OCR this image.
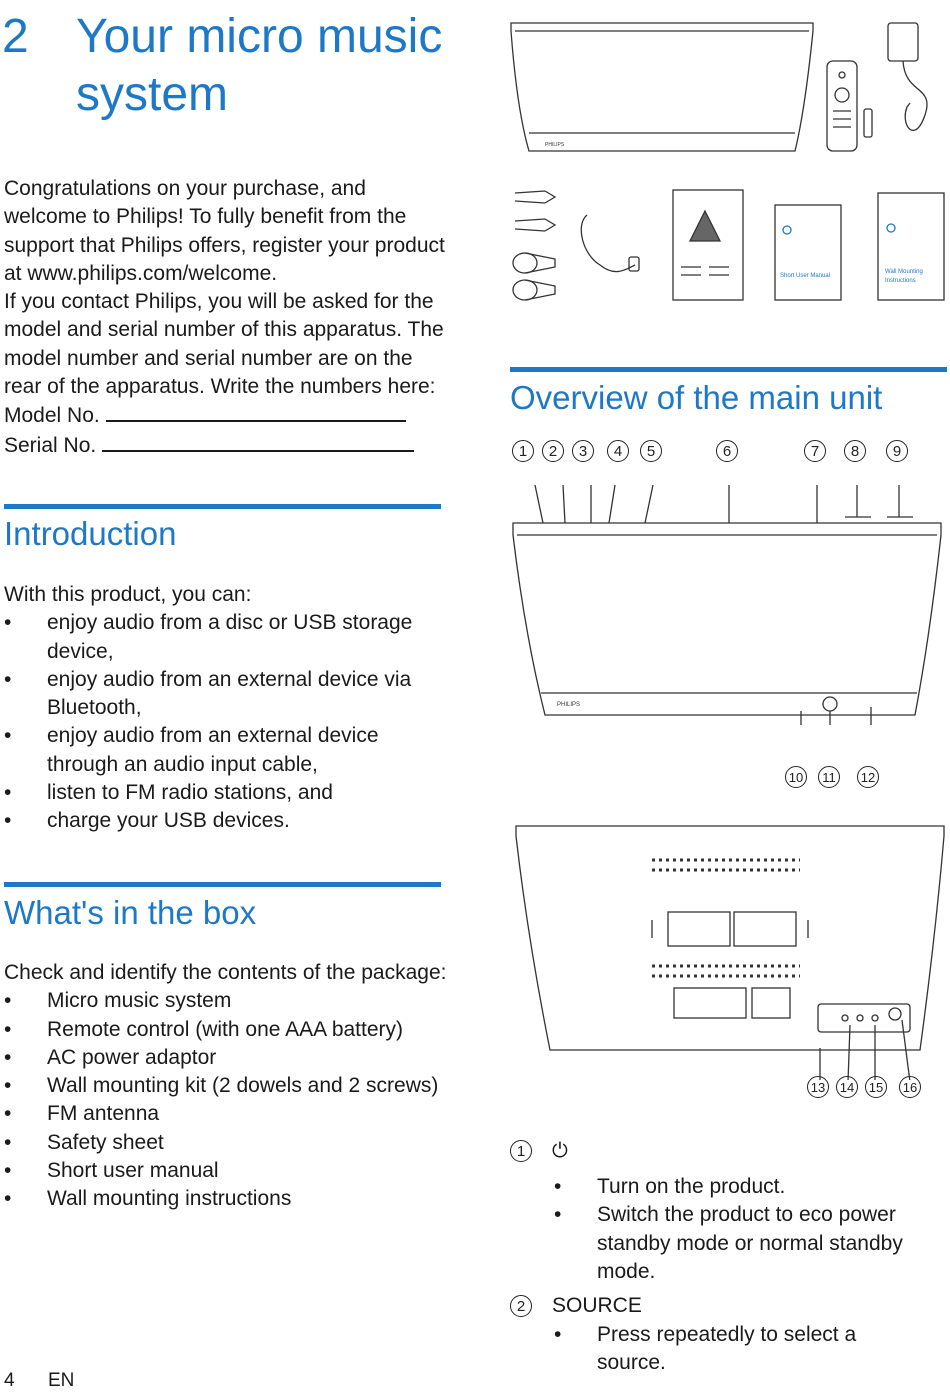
2 Your micro music system
Congratulations on your purchase, and welcome to Philips! To fully benefit from the support that Philips offers, register your product at www.philips.com/welcome.
If you contact Philips, you will be asked for the model and serial number of this apparatus. The model number and serial number are on the rear of the apparatus. Write the numbers here:
Model No.
Serial No.
Introduction
With this product, you can:
• enjoy audio from a disc or USB storage device,
• enjoy audio from an external device via Bluetooth,
• enjoy audio from an external device through an audio input cable,
• listen to FM radio stations, and
• charge your USB devices.
What's in the box
Check and identify the contents of the package:
• Micro music system
• Remote control (with one AAA battery)
• AC power adaptor
• Wall mounting kit (2 dowels and 2 screws)
• FM antenna
• Safety sheet
• Short user manual
• Wall mounting instructions
4 EN
PHILIPS
Short User Manual
Wall Mounting
Instructions
Overview of the main unit
1	2	3	4	5	6	7	8	9
PHILIPS
10	11	12
13 14 15 16
1	⏻
• Turn on the product.
• Switch the product to eco power standby mode or normal standby mode.
2	SOURCE
• Press repeatedly to select a source.
